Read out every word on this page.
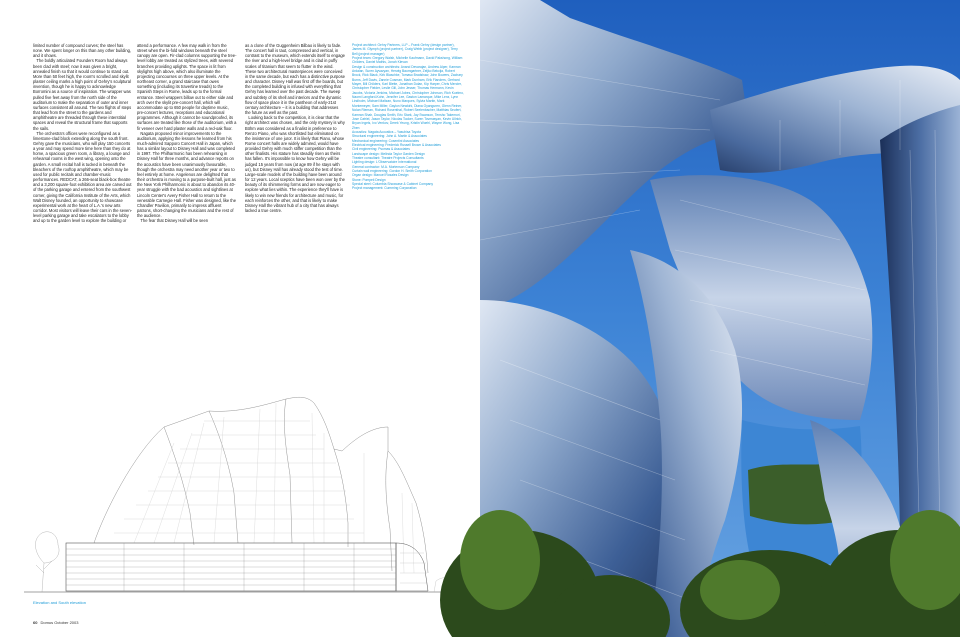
limited number of compound curves; the steel has none. We spent longer on this than any other building, and it shows.
The boldly articulated Founders Room had always been clad with steel; now it was given a bright, annealed finish so that it would continue to stand out. More than 50 feet high, the room's scrolled and skylit plaster ceiling marks a high point of Gehry's sculptural invention, though he is happy to acknowledge Borromini as a source of inspiration. The wrapper was pulled five feet away from the north side of the auditorium to make the separation of outer and inner surfaces consistent all around. The two flights of steps that lead from the street to the gardens and amphitheatre are threaded through these interstitial spaces and reveal the structural frame that supports the sails.
The orchestra's offices were reconfigured as a limestone-clad block extending along the south front. Gehry gave the musicians, who will play 150 concerts a year and may spend more time here than they do at home, a spacious green room, a library, a lounge and rehearsal rooms in the west wing, opening onto the garden. A small recital hall is tucked in beneath the bleachers of the rooftop amphitheatre, which may be used for public recitals and chamber-music performances. REDCAT, a 266-seat black-box theatre and a 3,200 square-foot exhibition area are carved out of the parking garage and entered from the southwest corner, giving the California Institute of the Arts, which Walt Disney founded, an opportunity to showcase experimental work at the heart of L.A.'s new arts corridor. Most visitors will leave their cars in the seven-level parking garage and take escalators to the lobby and up to the garden level to explore the building or
attend a performance. A few may walk in from the street when the bi-fold windows beneath the steel canopy are open. Fir-clad columns supporting the tree-level lobby are treated as stylized trees, with severed branches providing uplights. The space is lit from skylights high above, which also illuminate the projecting concourses on three upper levels. At the northeast corner, a grand staircase that owes something (including its travertine treads) to the Spanish Steps in Rome, leads up to the formal entrance. Steel wrappers billow out to either side and arch over the skylit pre-concert hall, which will accommodate up to 650 people for daytime music, pre-concert lectures, receptions and educational programmes. Although it cannot be soundproofed, its surfaces are treated like those of the auditorium, with a fir veneer over hard plaster walls and a red-oak floor.
Nagata proposed minor improvements to the auditorium, applying the lessons he learned from his much-admired Sapporo Concert Hall in Japan, which has a similar layout to Disney Hall and was completed in 1997. The Philharmonic has been rehearsing in Disney Hall for three months, and advance reports on the acoustics have been unanimously favourable, though the orchestra may need another year or two to feel entirely at home. Angelenos are delighted that their orchestra is moving to a purpose-built hall, just as the New York Philharmonic is about to abandon its 40-year struggle with the bad acoustics and sightlines at Lincoln Center's Avery Fisher Hall to return to the venerable Carnegie Hall. Fisher was designed, like the Chandler Pavilion, primarily to impress affluent patrons, short-changing the musicians and the rest of the audience.
The fear that Disney Hall will be seen
as a clone of the Guggenheim Bilbao is likely to fade. The concert hall is taut, compressed and vertical, in contrast to the museum, which extends itself to engage the river and a high-level bridge and is clad in puffy scales of titanium that seem to flutter in the wind. These two architectural masterpieces were conceived in the same decade, but each has a distinctive purpose and character. Disney Hall was first off the boards, but the completed building is infused with everything that Gehry has learned over the past decade. The sweep and subtlety of its shell and interiors and the dynamic flow of space place it in the pantheon of early-21st century architecture – it is a building that addresses the future as well as the past.
Looking back to the competition, it is clear that the right architect was chosen, and the only mystery is why Böhm was considered as a finalist in preference to Renzo Piano, who was shortlisted but eliminated on the insistence of one juror. It is likely that Piano, whose Rome concert halls are widely admired, would have provided Gehry with much stiffer competition than the other finalists. His stature has steadily risen as theirs has fallen. It's impossible to know how Gehry will be judged 15 years from now (at age 89 if he stays with us), but Disney Hall has already stood the test of time. Large-scale models of the building have been around for 12 years. Local sceptics have been won over by the beauty of its shimmering forms and are now eager to explore what lies within. The experience they'll have is likely to win new friends for architecture and music, for each reinforces the other, and that is likely to make Disney Hall the vibrant hub of a city that has always lacked a true centre.
Project architect: Gehry Partners, LLP – Frank Gehry (design partner), James M. Glymph (project partner), Craig Webb (project designer), Terry Bell (project manager)
Project team: Gregory Walsh, Michelle Kaufmann, David Pakshong, William Childers, Daniel Mathis, Jonah Klevan
Design & construction architects: Anand Devarajan, Andrew Alper, Kamran Ardalan, Suren Ayvazyan, Herwig Baumgartner, Zeljko Bekcija, Robert Brock, Rick Black, Kirk Blaschke, Tomaso Bradshaw, John Bowers, Zachary Burns, Jeff Davis, Zannie Cosman, Mark Dunham, Erik Flanders, Gerhard Mayer, Bill Childers, Karl Blette, Jonathan Dolan, Kip Harper, Chris Mercier, Christopher Fielder, Leslie Gill, John Jesser, Thomas Hermann, Kevin Jacobs, Victoria Jenkins, Michael Jobes, Christopher Johnson, Rich Kuelmo, Naomi Langford-Kohn, Jennifer Lee, Gaston Lamarque, Mike Lenz, Lynn Lindholm, Michael Maltzan, Nuno Marques, Sylvia Martin, Mark Montemeyer, Sam Miller, Gaylon Newkirk, Diana Oyanguren, Glenn Reiner, Nolan Rieman, Richard Rosenthal, Robert Seelenbacher, Matthias Seufert, Kamran Shah, Douglas Smith, Eric Stark, Jay Swanson, Tensho Takemori, Jose Catriel, Jason Taylor, Nicolas Tooker, Suren Tovmasyan, Kevin Ullrich, Bryan Ingels, Ivo Venkov, Derek Yeung, Kristin Woehl, Wayne Wong, Lisa Zhen
Acoustics: Nagata Acoustics – Yasuhisa Toyota
Structural engineering: John A. Martin & Associates
Mechanical engineering: Cosentini Associates
Electrical engineering: Frederick Russell Brown & Associates
Civil engineering: Psomas & Associates
Landscape design: Melinda Taylor Garden Design
Theatre consultant: Theatre Projects Consultants
Lighting design: L'Observatoire International
General contractor: M.A. Mortenson Company
Curtain wall engineering: Gordon H. Smith Corporation
Organ design: Manuel Rosales Design
Stone: Pompeii Design
Special steel: Columbia Showcase & Cabinet Company
Project management: Cumming Corporation
Elevation and South elevation
60 Domus October 2003
